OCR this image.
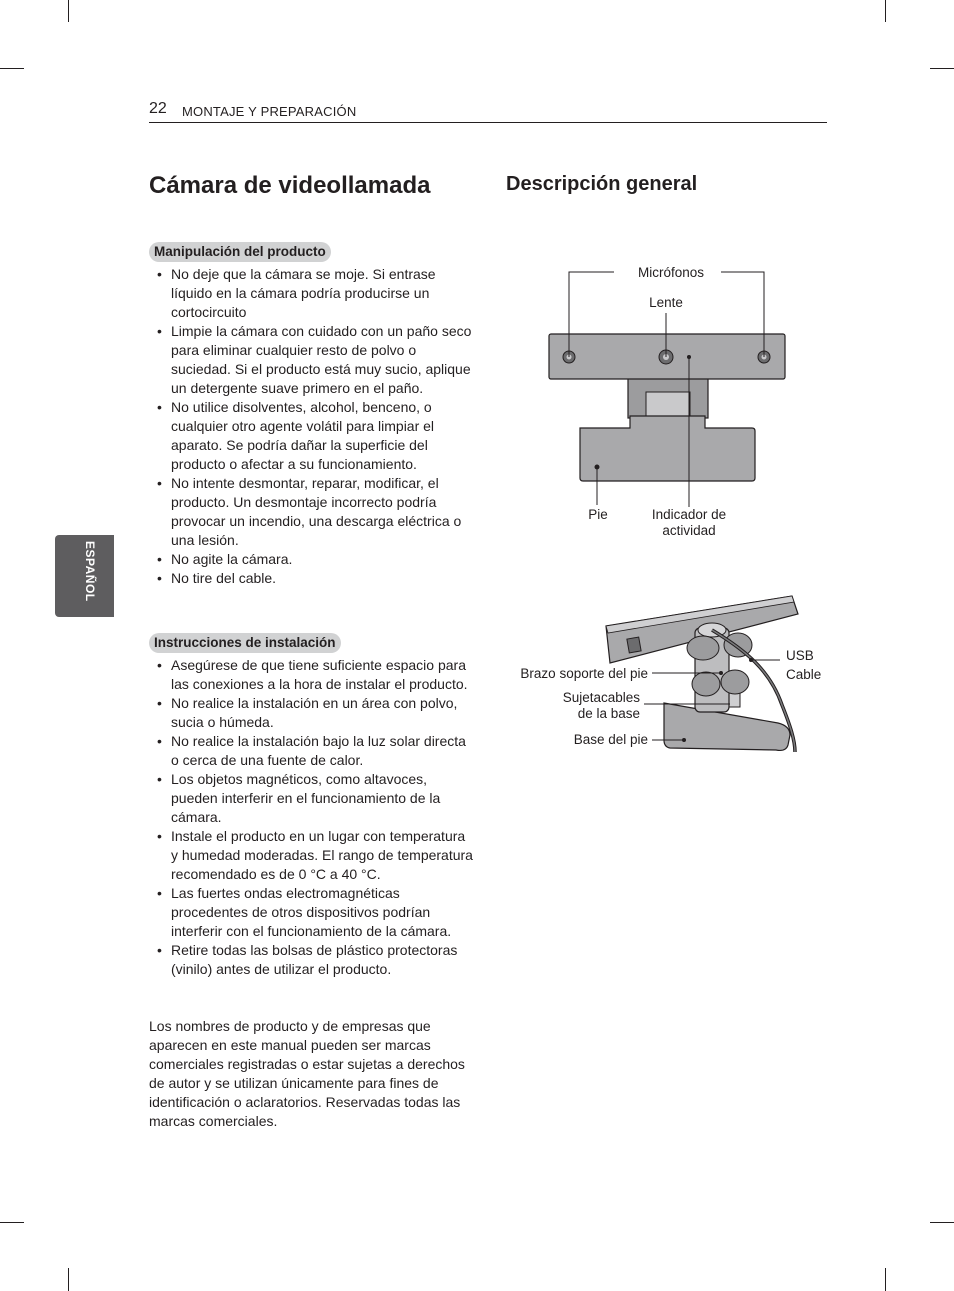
22 MONTAJE Y PREPARACIÓN
ESPAÑOL
Cámara de videollamada
Manipulación del producto
• No deje que la cámara se moje. Si entrase líquido en la cámara podría producirse un cortocircuito
• Limpie la cámara con cuidado con un paño seco para eliminar cualquier resto de polvo o suciedad. Si el producto está muy sucio, aplique un detergente suave primero en el paño.
• No utilice disolventes, alcohol, benceno, o cualquier otro agente volátil para limpiar el aparato. Se podría dañar la superficie del producto o afectar a su funcionamiento.
• No intente desmontar, reparar, modificar, el producto. Un desmontaje incorrecto podría provocar un incendio, una descarga eléctrica o una lesión.
• No agite la cámara.
• No tire del cable.
Instrucciones de instalación
• Asegúrese de que tiene suficiente espacio para las conexiones a la hora de instalar el producto.
• No realice la instalación en un área con polvo, sucia o húmeda.
• No realice la instalación bajo la luz solar directa o cerca de una fuente de calor.
• Los objetos magnéticos, como altavoces, pueden interferir en el funcionamiento de la cámara.
• Instale el producto en un lugar con temperatura y humedad moderadas. El rango de temperatura recomendado es de 0 °C a 40 °C.
• Las fuertes ondas electromagnéticas procedentes de otros dispositivos podrían interferir con el funcionamiento de la cámara.
• Retire todas las bolsas de plástico protectoras (vinilo) antes de utilizar el producto.

Los nombres de producto y de empresas que aparecen en este manual pueden ser marcas comerciales registradas o estar sujetas a derechos de autor y se utilizan únicamente para fines de identificación o aclaratorios. Reservadas todas las marcas comerciales.

Descripción general
Micrófonos
Lente
Pie	Indicador de
actividad
Brazo soporte del pie
USB
Cable
Sujetacables
de la base
Base del pie
